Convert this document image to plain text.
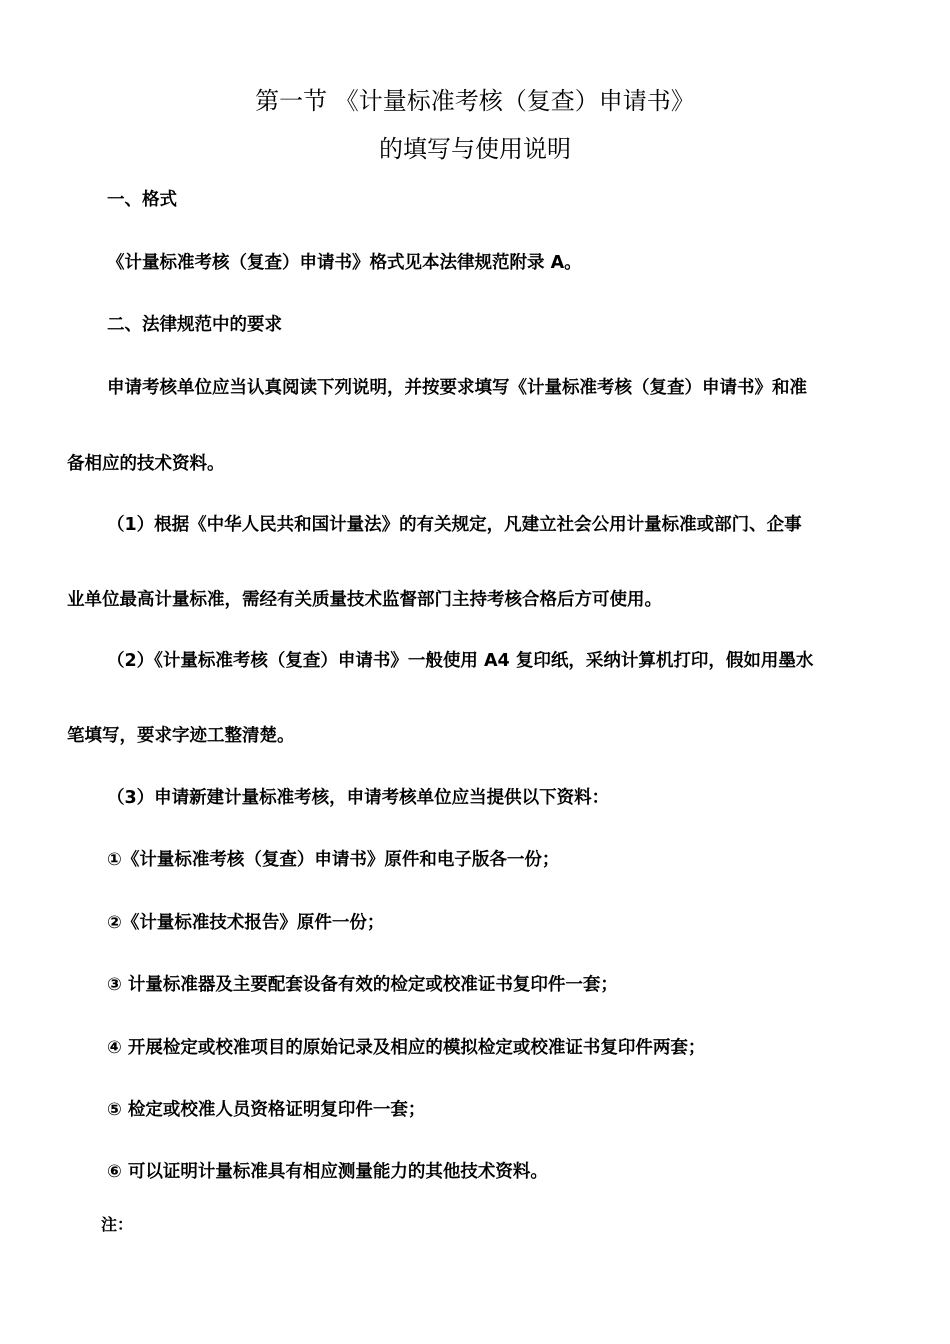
第一节 《计量标准考核（复查）申请书》
的填写与使用说明
一、格式
《计量标准考核（复查）申请书》格式见本法律规范附录 A。
二、法律规范中的要求
申请考核单位应当认真阅读下列说明，并按要求填写《计量标准考核（复查）申请书》和准
备相应的技术资料。
（1）根据《中华人民共和国计量法》的有关规定，凡建立社会公用计量标准或部门、企事
业单位最高计量标准，需经有关质量技术监督部门主持考核合格后方可使用。
（2）《计量标准考核（复查）申请书》一般使用 A4 复印纸，采纳计算机打印，假如用墨水
笔填写，要求字迹工整清楚。
（3）申请新建计量标准考核，申请考核单位应当提供以下资料：
①《计量标准考核（复查）申请书》原件和电子版各一份；
②《计量标准技术报告》原件一份；
③ 计量标准器及主要配套设备有效的检定或校准证书复印件一套；
④ 开展检定或校准项目的原始记录及相应的模拟检定或校准证书复印件两套；
⑤ 检定或校准人员资格证明复印件一套；
⑥ 可以证明计量标准具有相应测量能力的其他技术资料。
注：
